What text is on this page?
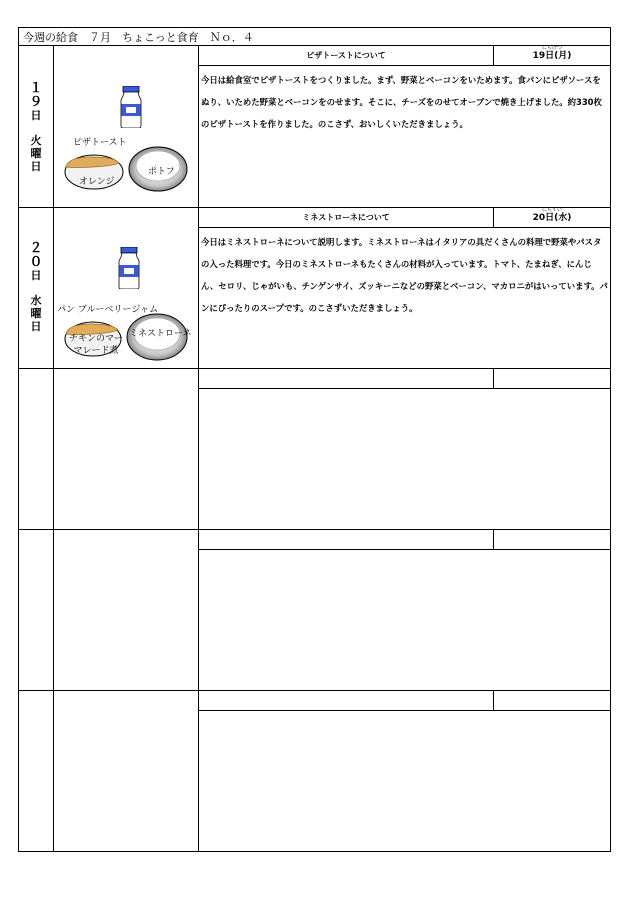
今週の給食　７月　ちょこっと食育　Ｎｏ．４
１
９
日
火
曜
日
ピザトースト
オレンジ
ポトフ
ピザトーストについて
にちげつ
19日(月)
今日は給食室でピザトーストをつくりました。まず、野菜とベーコンをいためます。食パンにピザソースをぬり、いためた野菜とベーコンをのせます。そこに、チーズをのせてオーブンで焼き上げました。約330枚のピザトーストを作りました。のこさず、おいしくいただきましょう。
２
０
日
水
曜
日
パン ブルーベリージャム
チキンのマーマレード煮
ミネストローネ
ミネストローネについて
にちすい
20日(水)
今日はミネストローネについて説明します。ミネストローネはイタリアの具だくさんの料理で野菜やパスタの入った料理です。今日のミネストローネもたくさんの材料が入っています。トマト、たまねぎ、にんじん、セロリ、じゃがいも、チンゲンサイ、ズッキーニなどの野菜とベーコン、マカロニがはいっています。パンにぴったりのスープです。のこさずいただきましょう。
